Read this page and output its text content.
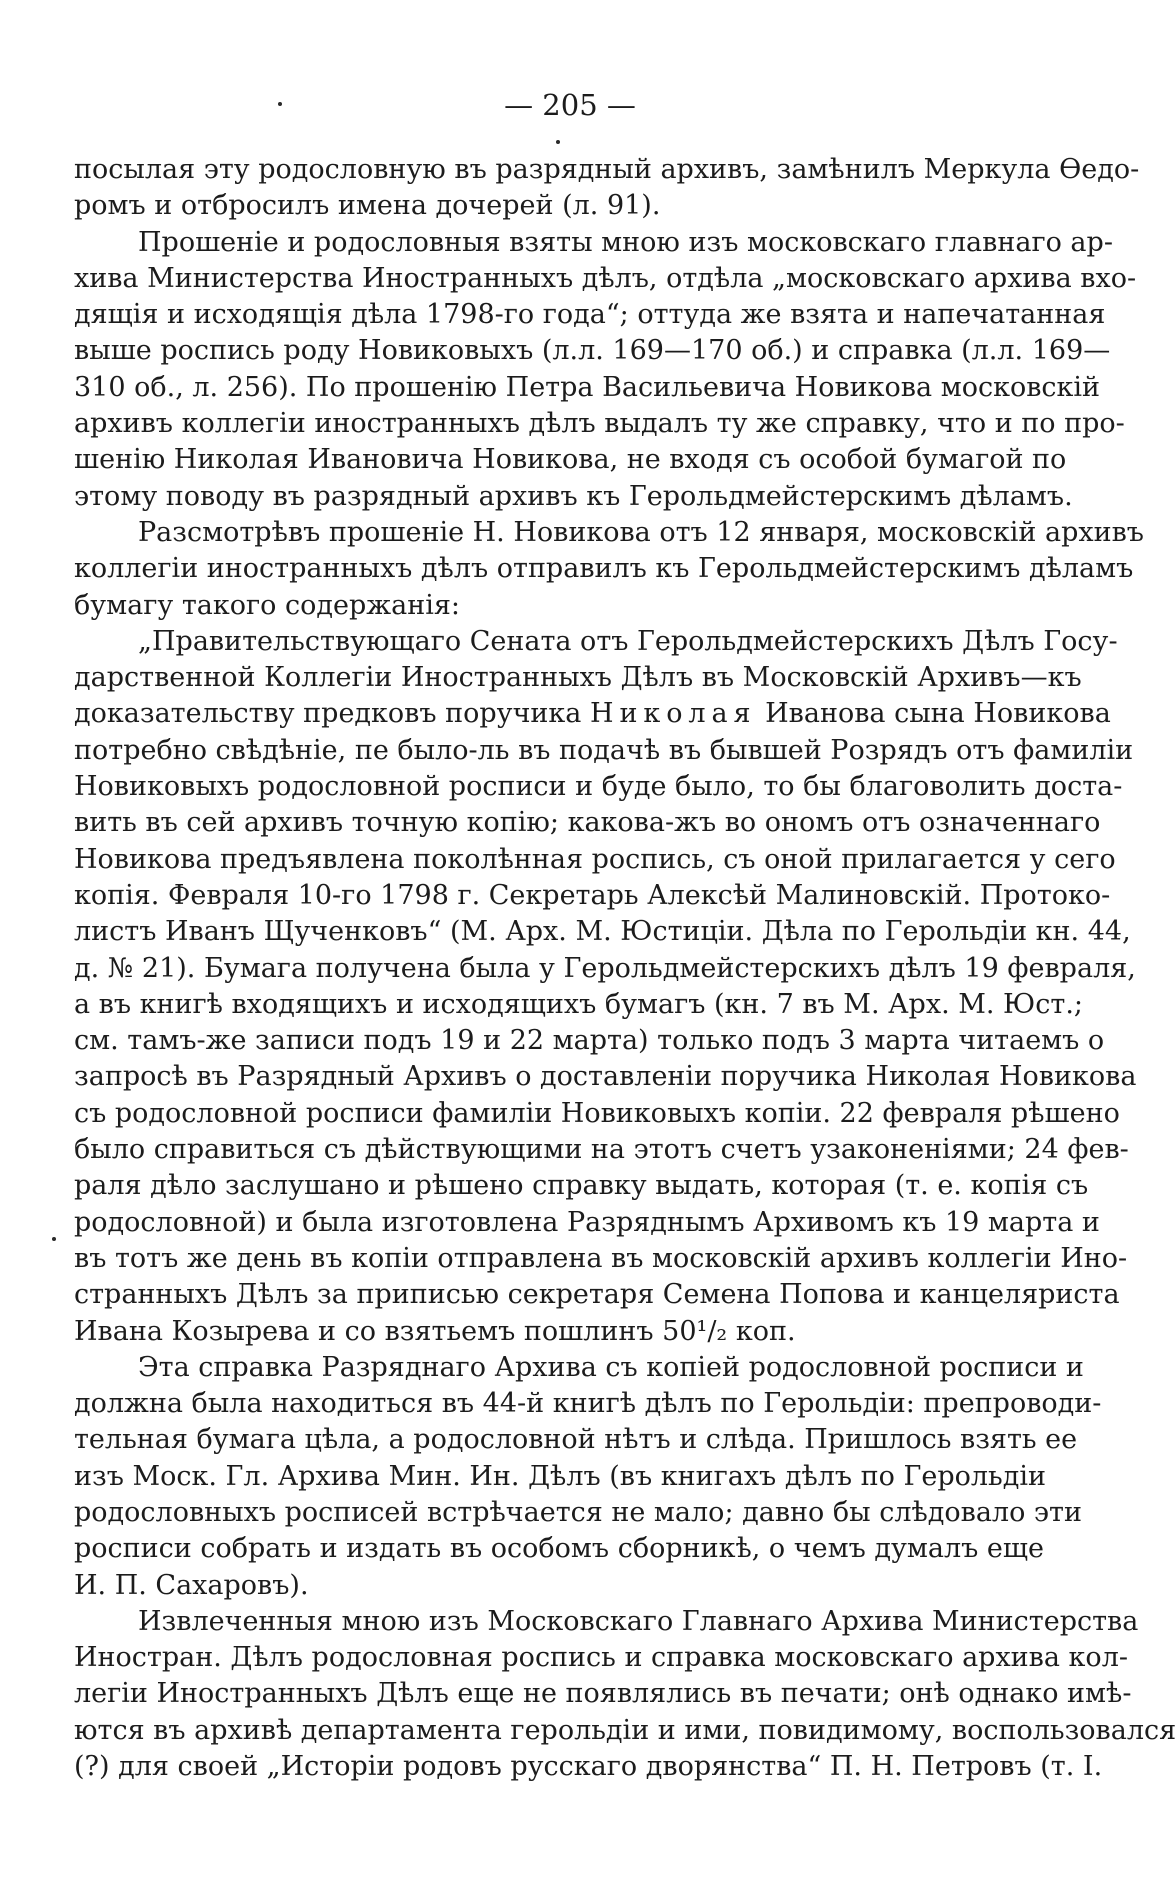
— 205 —
посылая эту родословную въ разрядный архивъ, замѣнилъ Меркула Ѳедо-
ромъ и отбросилъ имена дочерей (л. 91).
Прошеніе и родословныя взяты мною изъ московскаго главнаго ар-
хива Министерства Иностранныхъ дѣлъ, отдѣла „московскаго архива вхо-
дящія и исходящія дѣла 1798-го года“; оттуда же взята и напечатанная
выше роспись роду Новиковыхъ (л.л. 169—170 об.) и справка (л.л. 169—
310 об., л. 256). По прошенію Петра Васильевича Новикова московскій
архивъ коллегіи иностранныхъ дѣлъ выдалъ ту же справку, что и по про-
шенію Николая Ивановича Новикова, не входя съ особой бумагой по
этому поводу въ разрядный архивъ къ Герольдмейстерскимъ дѣламъ.
Разсмотрѣвъ прошеніе Н. Новикова отъ 12 января, московскій архивъ
коллегіи иностранныхъ дѣлъ отправилъ къ Герольдмейстерскимъ дѣламъ
бумагу такого содержанія:
„Правительствующаго Сената отъ Герольдмейстерскихъ Дѣлъ Госу-
дарственной Коллегіи Иностранныхъ Дѣлъ въ Московскій Архивъ—къ
доказательству предковъ поручика Николая Иванова сына Новикова
потребно свѣдѣніе, пе было-ль въ подачѣ въ бывшей Розрядъ отъ фамиліи
Новиковыхъ родословной росписи и буде было, то бы благоволить доста-
вить въ сей архивъ точную копію; какова-жъ во ономъ отъ означеннаго
Новикова предъявлена поколѣнная роспись, съ оной прилагается у сего
копія. Февраля 10-го 1798 г. Секретарь Алексѣй Малиновскій. Протоко-
листъ Иванъ Щученковъ“ (М. Арх. М. Юстиціи. Дѣла по Герольдіи кн. 44,
д. № 21). Бумага получена была у Герольдмейстерскихъ дѣлъ 19 февраля,
а въ книгѣ входящихъ и исходящихъ бумагъ (кн. 7 въ М. Арх. М. Юст.;
см. тамъ-же записи подъ 19 и 22 марта) только подъ 3 марта читаемъ о
запросѣ въ Разрядный Архивъ о доставленіи поручика Николая Новикова
съ родословной росписи фамиліи Новиковыхъ копіи. 22 февраля рѣшено
было справиться съ дѣйствующими на этотъ счетъ узаконеніями; 24 фев-
раля дѣло заслушано и рѣшено справку выдать, которая (т. е. копія съ
родословной) и была изготовлена Разряднымъ Архивомъ къ 19 марта и
въ тотъ же день въ копіи отправлена въ московскій архивъ коллегіи Ино-
странныхъ Дѣлъ за приписью секретаря Семена Попова и канцеляриста
Ивана Козырева и со взятьемъ пошлинъ 50¹/₂ коп.
Эта справка Разряднаго Архива съ копіей родословной росписи и
должна была находиться въ 44-й книгѣ дѣлъ по Герольдіи: препроводи-
тельная бумага цѣла, а родословной нѣтъ и слѣда. Пришлось взять ее
изъ Моск. Гл. Архива Мин. Ин. Дѣлъ (въ книгахъ дѣлъ по Герольдіи
родословныхъ росписей встрѣчается не мало; давно бы слѣдовало эти
росписи собрать и издать въ особомъ сборникѣ, о чемъ думалъ еще
И. П. Сахаровъ).
Извлеченныя мною изъ Московскаго Главнаго Архива Министерства
Иностран. Дѣлъ родословная роспись и справка московскаго архива кол-
легіи Иностранныхъ Дѣлъ еще не появлялись въ печати; онѣ однако имѣ-
ются въ архивѣ департамента герольдіи и ими, повидимому, воспользовался
(?) для своей „Исторіи родовъ русскаго дворянства“ П. Н. Петровъ (т. I.
